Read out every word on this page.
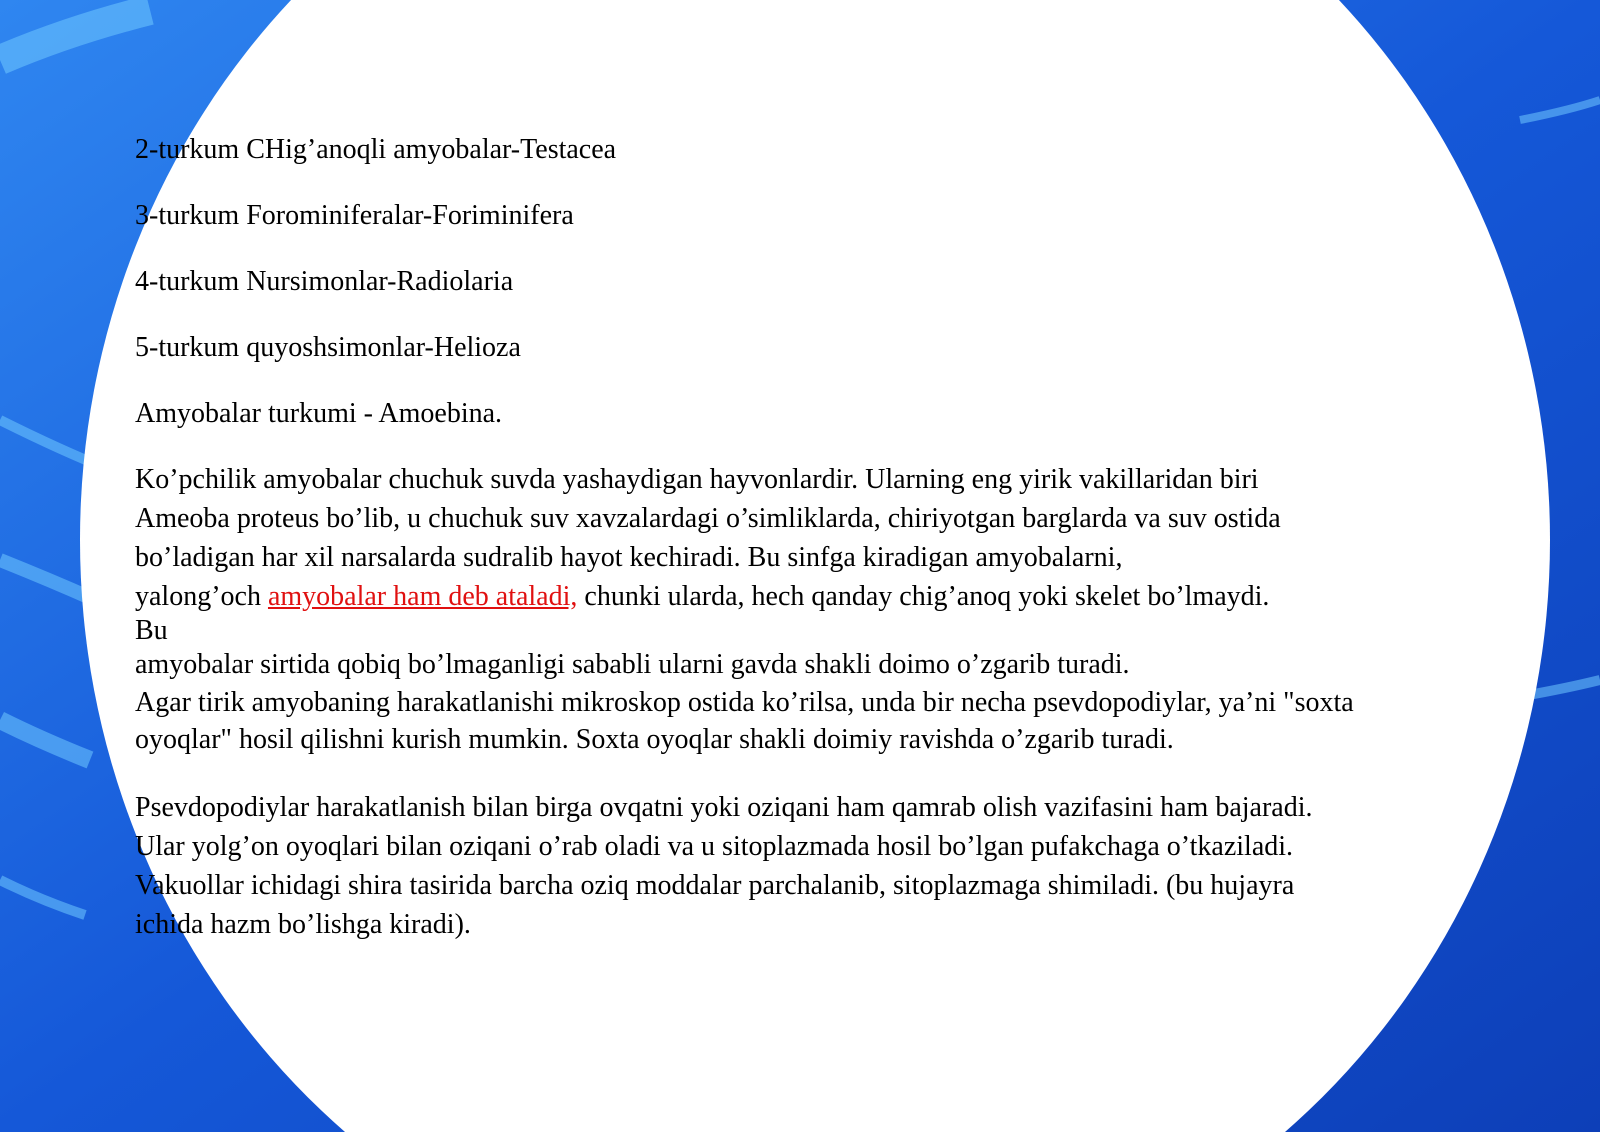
2-turkum CHig’anoqli amyobalar-Testacea
3-turkum Forominiferalar-Foriminifera
4-turkum Nursimonlar-Radiolaria
5-turkum quyoshsimonlar-Helioza
Amyobalar turkumi - Amoebina.
Ko’pchilik amyobalar chuchuk suvda yashaydigan hayvonlardir. Ularning eng yirik vakillaridan biri
Ameoba proteus bo’lib, u chuchuk suv xavzalardagi o’simliklarda, chiriyotgan barglarda va suv ostida
bo’ladigan har xil narsalarda sudralib hayot kechiradi. Bu sinfga kiradigan amyobalarni,
yalong’och amyobalar ham deb ataladi, chunki ularda, hech qanday chig’anoq yoki skelet bo’lmaydi.
Bu
amyobalar sirtida qobiq bo’lmaganligi sababli ularni gavda shakli doimo o’zgarib turadi.
Agar tirik amyobaning harakatlanishi mikroskop ostida ko’rilsa, unda bir necha psevdopodiylar, ya’ni "soxta
oyoqlar" hosil qilishni kurish mumkin. Soxta oyoqlar shakli doimiy ravishda o’zgarib turadi.
Psevdopodiylar harakatlanish bilan birga ovqatni yoki oziqani ham qamrab olish vazifasini ham bajaradi.
Ular yolg’on oyoqlari bilan oziqani o’rab oladi va u sitoplazmada hosil bo’lgan pufakchaga o’tkaziladi.
Vakuollar ichidagi shira tasirida barcha oziq moddalar parchalanib, sitoplazmaga shimiladi. (bu hujayra
ichida hazm bo’lishga kiradi).
